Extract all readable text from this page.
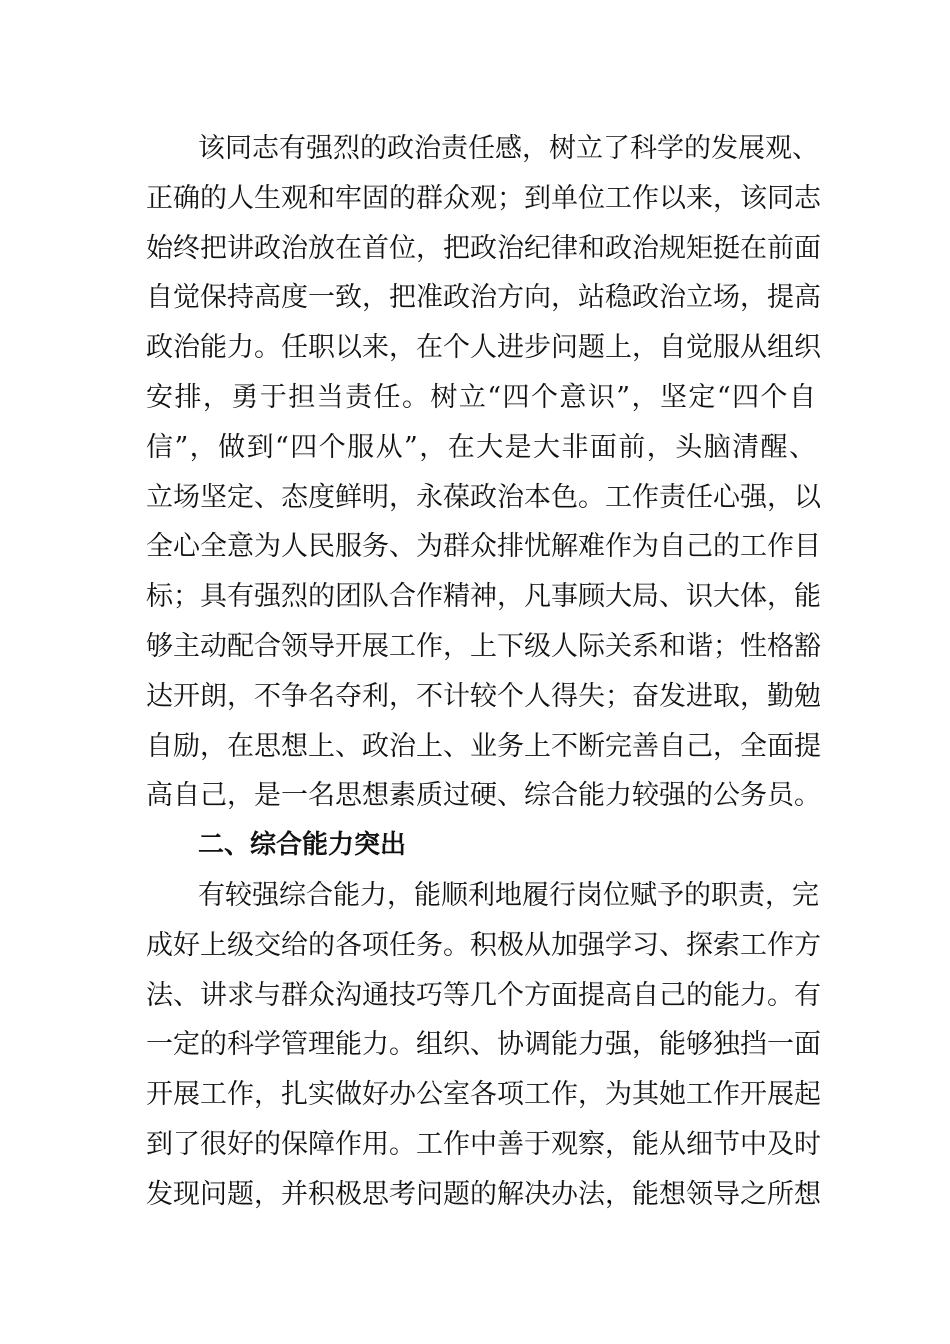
该同志有强烈的政治责任感，树立了科学的发展观、
正确的人生观和牢固的群众观；到单位工作以来，该同志
始终把讲政治放在首位，把政治纪律和政治规矩挺在前面
自觉保持高度一致，把准政治方向，站稳政治立场，提高
政治能力。任职以来，在个人进步问题上，自觉服从组织
安排，勇于担当责任。树立“四个意识”，坚定“四个自
信”，做到“四个服从”，在大是大非面前，头脑清醒、
立场坚定、态度鲜明，永葆政治本色。工作责任心强，以
全心全意为人民服务、为群众排忧解难作为自己的工作目
标；具有强烈的团队合作精神，凡事顾大局、识大体，能
够主动配合领导开展工作，上下级人际关系和谐；性格豁
达开朗，不争名夺利，不计较个人得失；奋发进取，勤勉
自励，在思想上、政治上、业务上不断完善自己，全面提
高自己，是一名思想素质过硬、综合能力较强的公务员。
二、综合能力突出
有较强综合能力，能顺利地履行岗位赋予的职责，完
成好上级交给的各项任务。积极从加强学习、探索工作方
法、讲求与群众沟通技巧等几个方面提高自己的能力。有
一定的科学管理能力。组织、协调能力强，能够独挡一面
开展工作，扎实做好办公室各项工作，为其她工作开展起
到了很好的保障作用。工作中善于观察，能从细节中及时
发现问题，并积极思考问题的解决办法，能想领导之所想
